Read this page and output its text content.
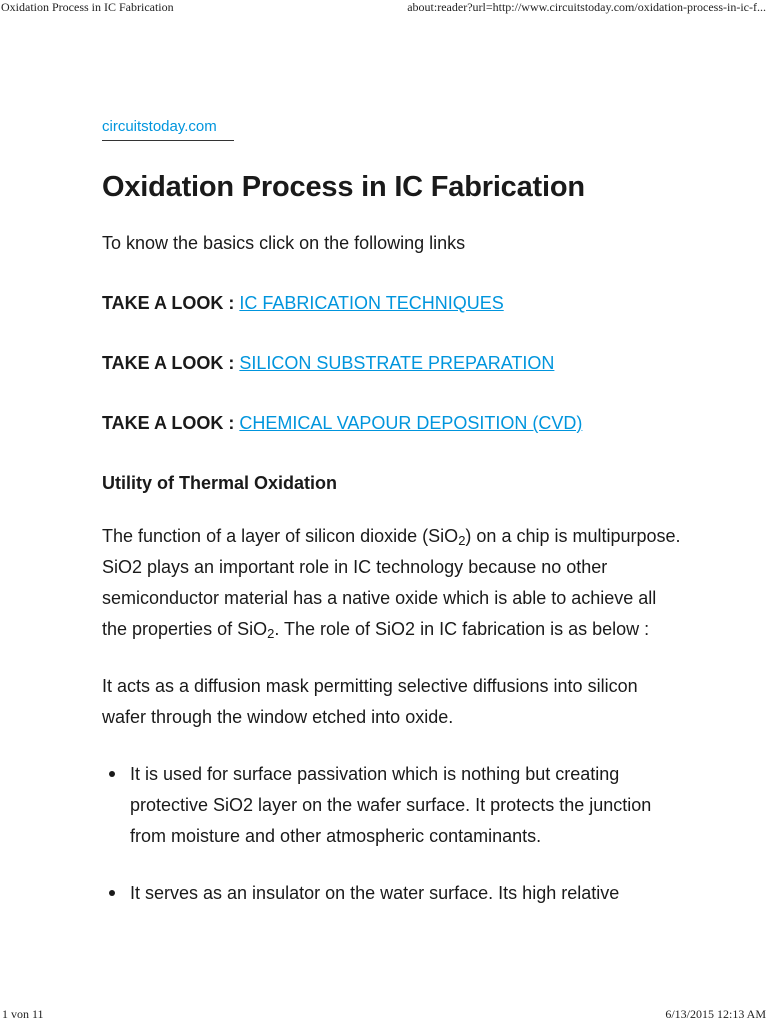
Oxidation Process in IC Fabrication	about:reader?url=http://www.circuitstoday.com/oxidation-process-in-ic-f...
circuitstoday.com
Oxidation Process in IC Fabrication

To know the basics click on the following links

TAKE A LOOK : IC FABRICATION TECHNIQUES

TAKE A LOOK : SILICON SUBSTRATE PREPARATION

TAKE A LOOK : CHEMICAL VAPOUR DEPOSITION (CVD)

Utility of Thermal Oxidation

The function of a layer of silicon dioxide (SiO$_2$) on a chip is multipurpose. SiO2 plays an important role in IC technology because no other semiconductor material has a native oxide which is able to achieve all the properties of SiO$_2$. The role of SiO2 in IC fabrication is as below :

It acts as a diffusion mask permitting selective diffusions into silicon wafer through the window etched into oxide.

It is used for surface passivation which is nothing but creating protective SiO2 layer on the wafer surface. It protects the junction from moisture and other atmospheric contaminants.
It serves as an insulator on the water surface. Its high relative
1 von 11	6/13/2015 12:13 AM
